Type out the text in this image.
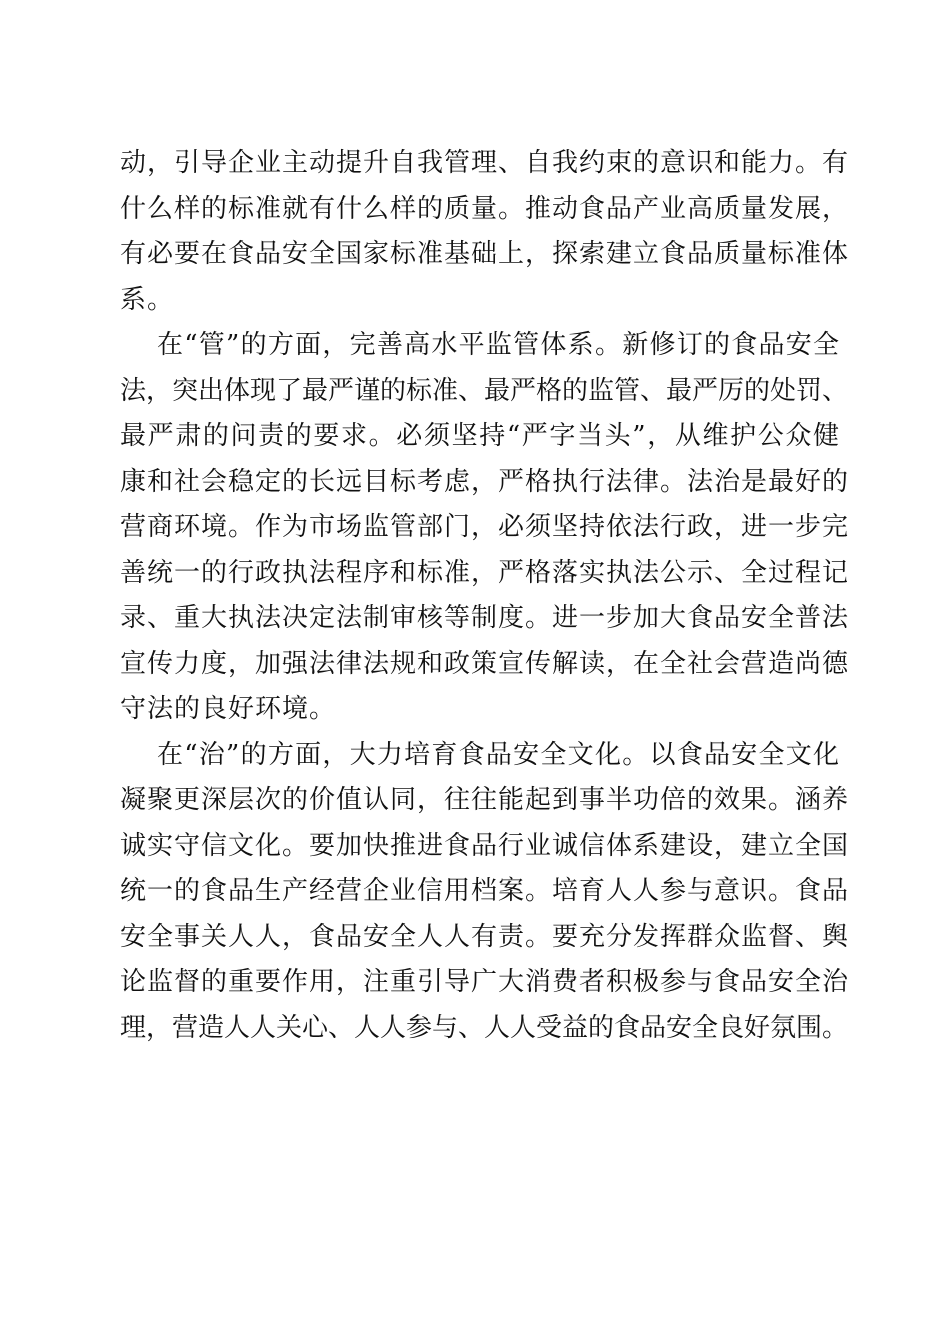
动，引导企业主动提升自我管理、自我约束的意识和能力。有
什么样的标准就有什么样的质量。推动食品产业高质量发展，
有必要在食品安全国家标准基础上，探索建立食品质量标准体
系。
在“管”的方面，完善高水平监管体系。新修订的食品安全
法，突出体现了最严谨的标准、最严格的监管、最严厉的处罚、
最严肃的问责的要求。必须坚持“严字当头”，从维护公众健
康和社会稳定的长远目标考虑，严格执行法律。法治是最好的
营商环境。作为市场监管部门，必须坚持依法行政，进一步完
善统一的行政执法程序和标准，严格落实执法公示、全过程记
录、重大执法决定法制审核等制度。进一步加大食品安全普法
宣传力度，加强法律法规和政策宣传解读，在全社会营造尚德
守法的良好环境。
在“治”的方面，大力培育食品安全文化。以食品安全文化
凝聚更深层次的价值认同，往往能起到事半功倍的效果。涵养
诚实守信文化。要加快推进食品行业诚信体系建设，建立全国
统一的食品生产经营企业信用档案。培育人人参与意识。食品
安全事关人人，食品安全人人有责。要充分发挥群众监督、舆
论监督的重要作用，注重引导广大消费者积极参与食品安全治
理，营造人人关心、人人参与、人人受益的食品安全良好氛围。
